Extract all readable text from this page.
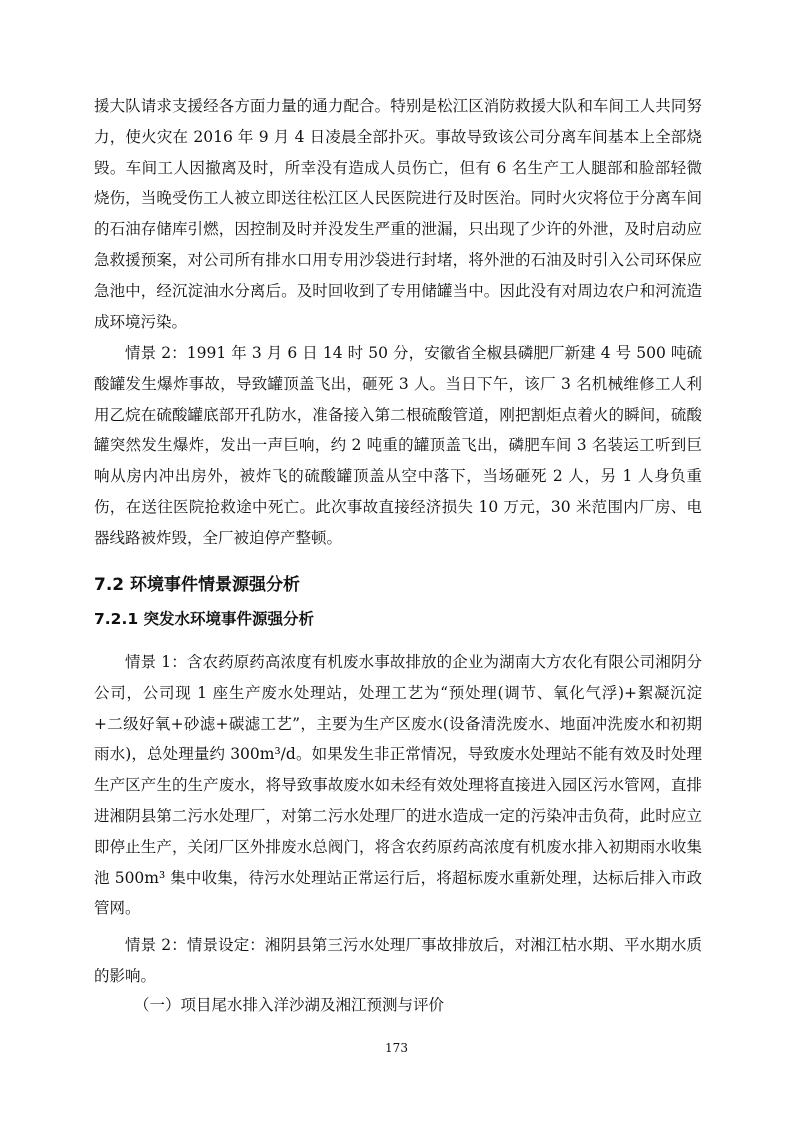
援大队请求支援经各方面力量的通力配合。特别是松江区消防救援大队和车间工人共同努力，使火灾在 2016 年 9 月 4 日凌晨全部扑灭。事故导致该公司分离车间基本上全部烧毁。车间工人因撤离及时，所幸没有造成人员伤亡，但有 6 名生产工人腿部和脸部轻微烧伤，当晚受伤工人被立即送往松江区人民医院进行及时医治。同时火灾将位于分离车间的石油存储库引燃，因控制及时并没发生严重的泄漏，只出现了少许的外泄，及时启动应急救援预案，对公司所有排水口用专用沙袋进行封堵，将外泄的石油及时引入公司环保应急池中，经沉淀油水分离后。及时回收到了专用储罐当中。因此没有对周边农户和河流造成环境污染。

情景 2：1991 年 3 月 6 日 14 时 50 分，安徽省全椒县磷肥厂新建 4 号 500 吨硫酸罐发生爆炸事故，导致罐顶盖飞出，砸死 3 人。当日下午，该厂 3 名机械维修工人利用乙烷在硫酸罐底部开孔防水，准备接入第二根硫酸管道，刚把割炬点着火的瞬间，硫酸罐突然发生爆炸，发出一声巨响，约 2 吨重的罐顶盖飞出，磷肥车间 3 名装运工听到巨响从房内冲出房外，被炸飞的硫酸罐顶盖从空中落下，当场砸死 2 人，另 1 人身负重伤，在送往医院抢救途中死亡。此次事故直接经济损失 10 万元，30 米范围内厂房、电器线路被炸毁，全厂被迫停产整顿。

7.2 环境事件情景源强分析
7.2.1 突发水环境事件源强分析

情景 1：含农药原药高浓度有机废水事故排放的企业为湖南大方农化有限公司湘阴分公司，公司现 1 座生产废水处理站，处理工艺为“预处理(调节、氧化气浮)+絮凝沉淀+二级好氧+砂滤+碳滤工艺”，主要为生产区废水(设备清洗废水、地面冲洗废水和初期雨水)，总处理量约 300m³/d。如果发生非正常情况，导致废水处理站不能有效及时处理生产区产生的生产废水，将导致事故废水如未经有效处理将直接进入园区污水管网，直排进湘阴县第二污水处理厂，对第二污水处理厂的进水造成一定的污染冲击负荷，此时应立即停止生产，关闭厂区外排废水总阀门，将含农药原药高浓度有机废水排入初期雨水收集池 500m³ 集中收集，待污水处理站正常运行后，将超标废水重新处理，达标后排入市政管网。

情景 2：情景设定：湘阴县第三污水处理厂事故排放后，对湘江枯水期、平水期水质的影响。

（一）项目尾水排入洋沙湖及湘江预测与评价

173
